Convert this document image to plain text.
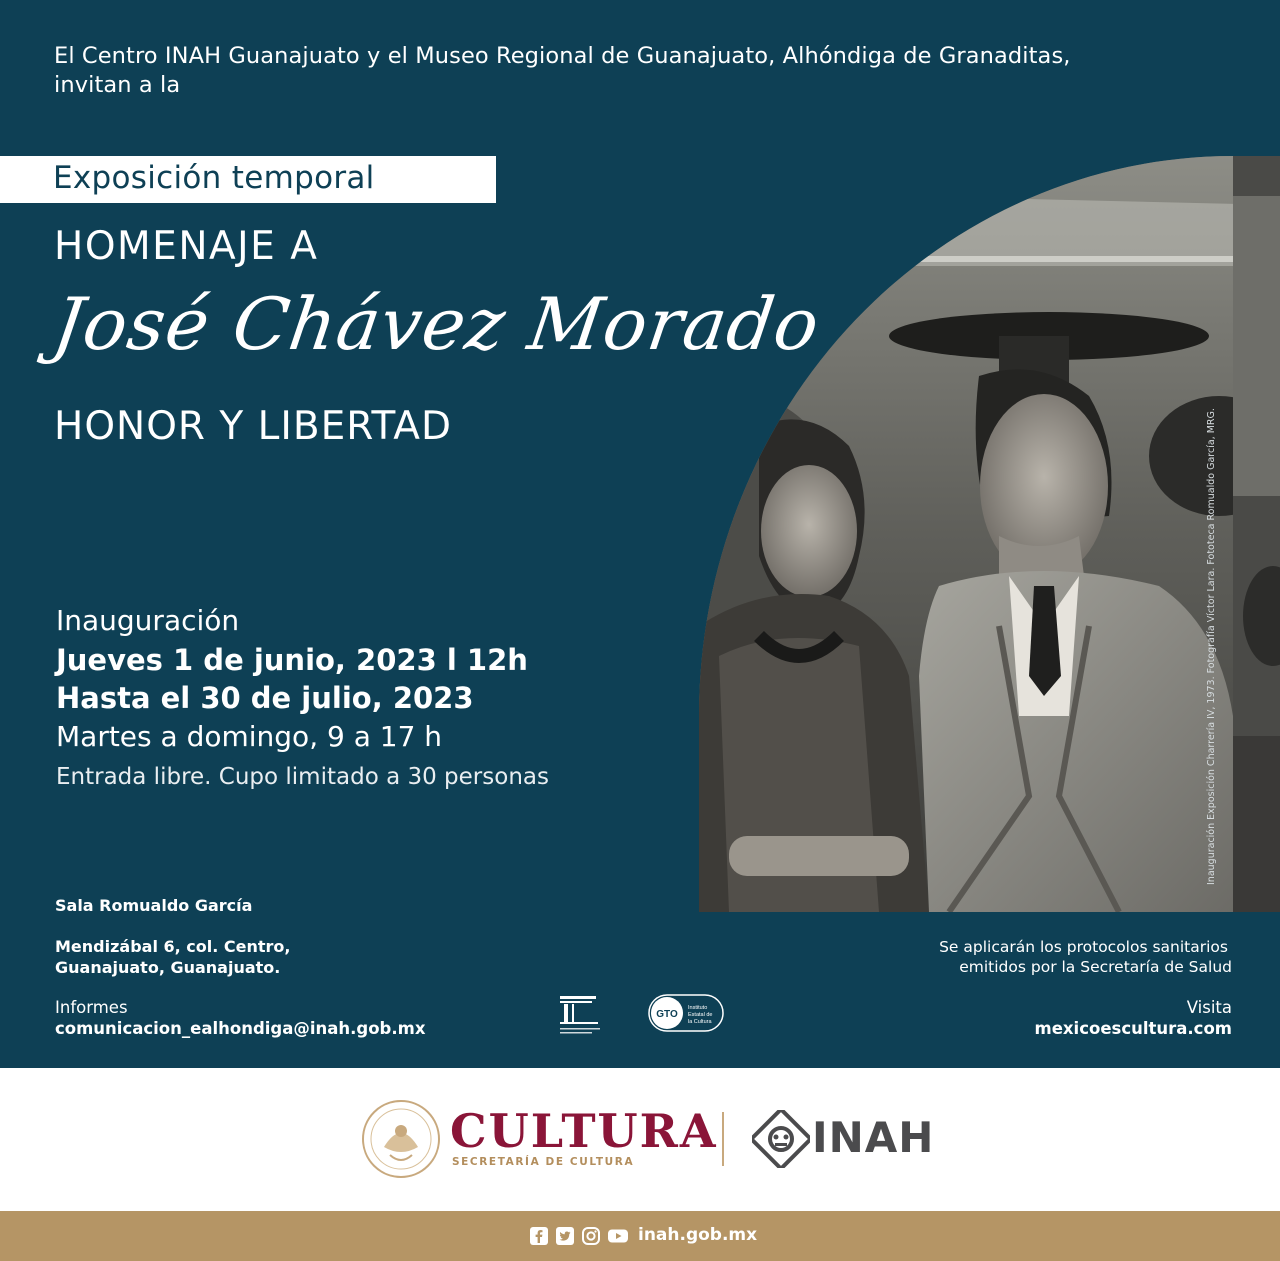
El Centro INAH Guanajuato y el Museo Regional de Guanajuato, Alhóndiga de Granaditas,
invitan a la
Exposición temporal
HOMENAJE A
José Chávez Morado
HONOR Y LIBERTAD	Inauguración Exposición Charrería IV, 1973. Fotografía Víctor Lara. Fototeca Romualdo García, MRG.
Inauguración
Jueves 1 de junio, 2023 l 12h
Hasta el 30 de julio, 2023
Martes a domingo, 9 a 17 h
Entrada libre. Cupo limitado a 30 personas
Sala Romualdo García
Mendizábal 6, col. Centro,
Guanajuato, Guanajuato.
Informes
comunicacion_ealhondiga@inah.gob.mx
Se aplicarán los protocolos sanitarios
emitidos por la Secretaría de Salud
Visita
mexicoescultura.com
GTO
Instituto
Estatal de
la Cultura
CULTURA
SECRETARÍA DE CULTURA	INAH
inah.gob.mx
